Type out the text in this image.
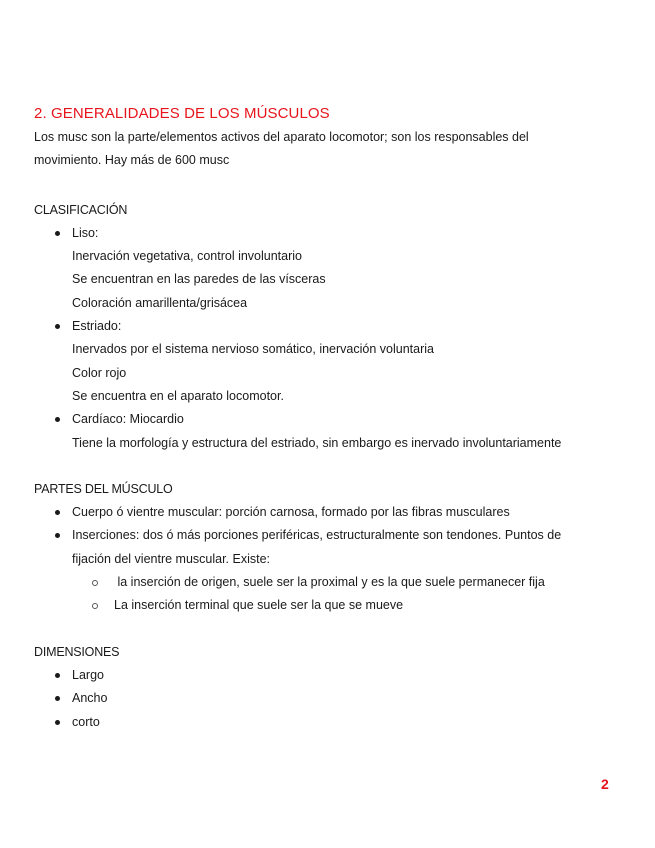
2. GENERALIDADES DE LOS MÚSCULOS

Los musc son la parte/elementos activos del aparato locomotor; son los responsables del
movimiento. Hay más de 600 musc

CLASIFICACIÓN
Liso:
Inervación vegetativa, control involuntario
Se encuentran en las paredes de las vísceras
Coloración amarillenta/grisácea
Estriado:
Inervados por el sistema nervioso somático, inervación voluntaria
Color rojo
Se encuentra en el aparato locomotor.
Cardíaco: Miocardio
Tiene la morfología y estructura del estriado, sin embargo es inervado involuntariamente
PARTES DEL MÚSCULO
Cuerpo ó vientre muscular: porción carnosa, formado por las fibras musculares
Inserciones: dos ó más porciones periféricas, estructuralmente son tendones. Puntos de
fijación del vientre muscular. Existe:
la inserción de origen, suele ser la proximal y es la que suele permanecer fija
La inserción terminal que suele ser la que se mueve
DIMENSIONES
Largo
Ancho
corto
2
